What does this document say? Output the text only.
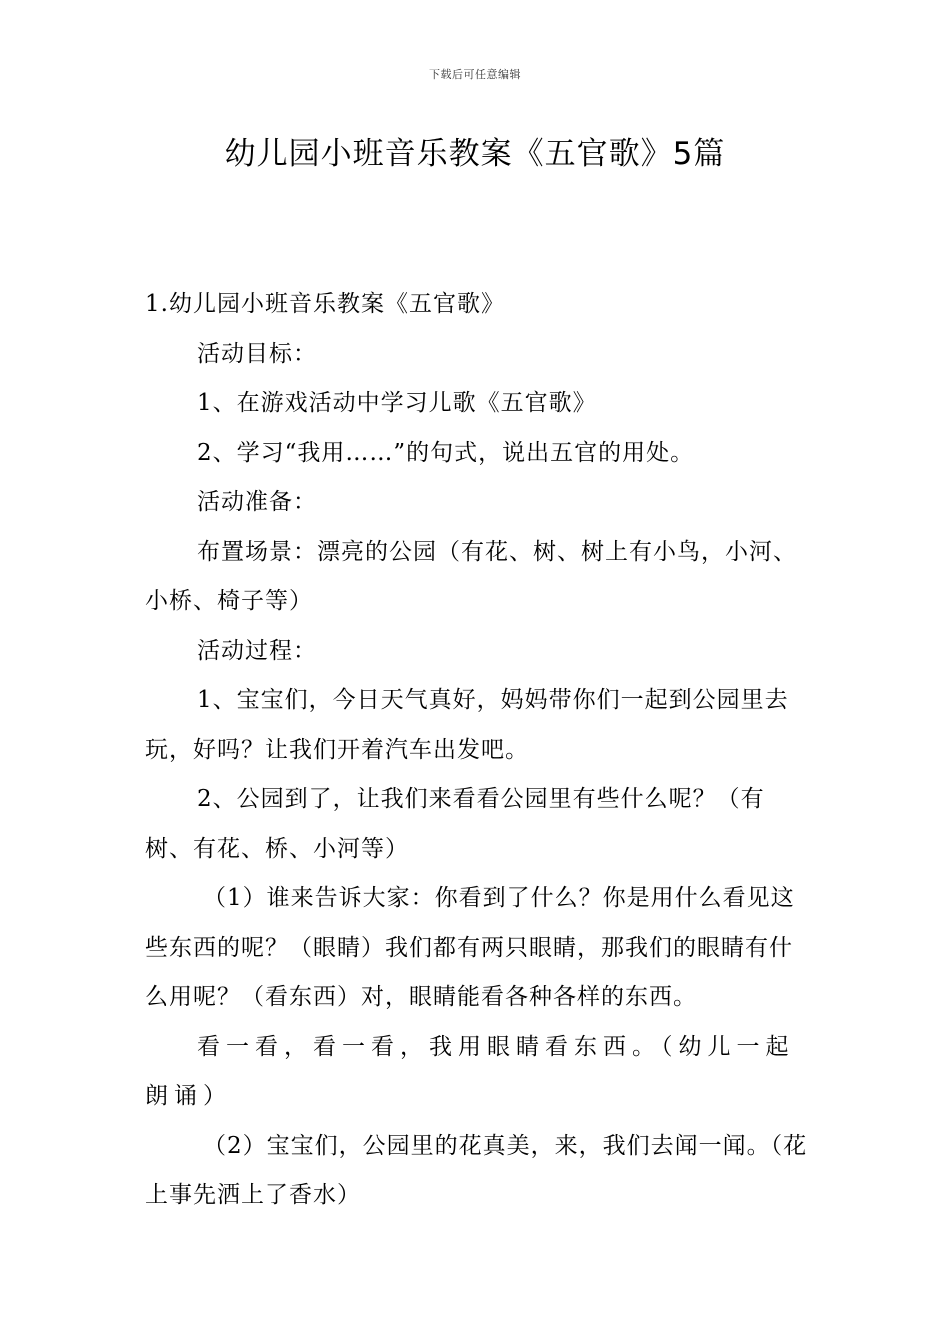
下载后可任意编辑
幼儿园小班音乐教案《五官歌》5篇

1.幼儿园小班音乐教案《五官歌》

活动目标：

1、在游戏活动中学习儿歌《五官歌》

2、学习“我用……”的句式，说出五官的用处。

活动准备：

布置场景：漂亮的公园（有花、树、树上有小鸟，小河、小桥、椅子等）

活动过程：

1、宝宝们，今日天气真好，妈妈带你们一起到公园里去玩，好吗？让我们开着汽车出发吧。

2、公园到了，让我们来看看公园里有些什么呢？（有树、有花、桥、小河等）

（1）谁来告诉大家：你看到了什么？你是用什么看见这些东西的呢？（眼睛）我们都有两只眼睛，那我们的眼睛有什么用呢？（看东西）对，眼睛能看各种各样的东西。

看一看，看一看，我用眼睛看东西。（幼儿一起朗诵）

（2）宝宝们，公园里的花真美，来，我们去闻一闻。（花上事先洒上了香水）
